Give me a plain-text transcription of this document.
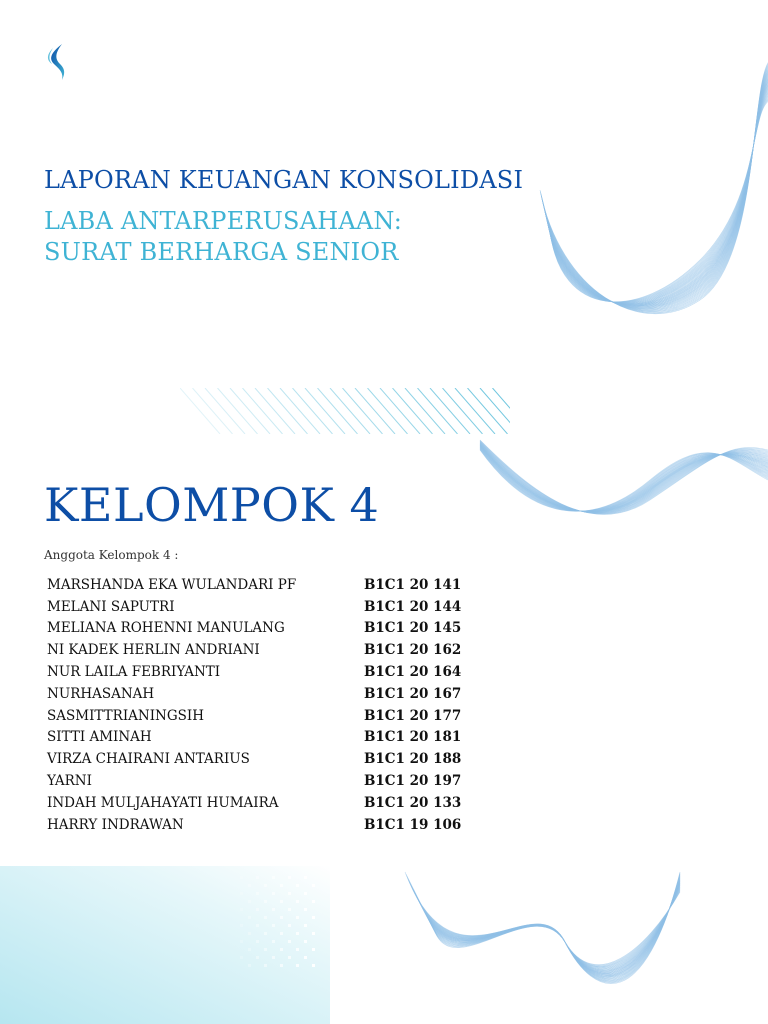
LAPORAN KEUANGAN KONSOLIDASI
LABA ANTARPERUSAHAAN: SURAT BERHARGA SENIOR
KELOMPOK 4
Anggota Kelompok 4 :
MARSHANDA EKA WULANDARI PF	B1C1 20 141
MELANI SAPUTRI	B1C1 20 144
MELIANA ROHENNI MANULANG	B1C1 20 145
NI KADEK HERLIN ANDRIANI	B1C1 20 162
NUR LAILA FEBRIYANTI	B1C1 20 164
NURHASANAH	B1C1 20 167
SASMITTRIANINGSIH	B1C1 20 177
SITTI AMINAH	B1C1 20 181
VIRZA CHAIRANI ANTARIUS	B1C1 20 188
YARNI	B1C1 20 197
INDAH MULJAHAYATI HUMAIRA	B1C1 20 133
HARRY INDRAWAN	B1C1 19 106
